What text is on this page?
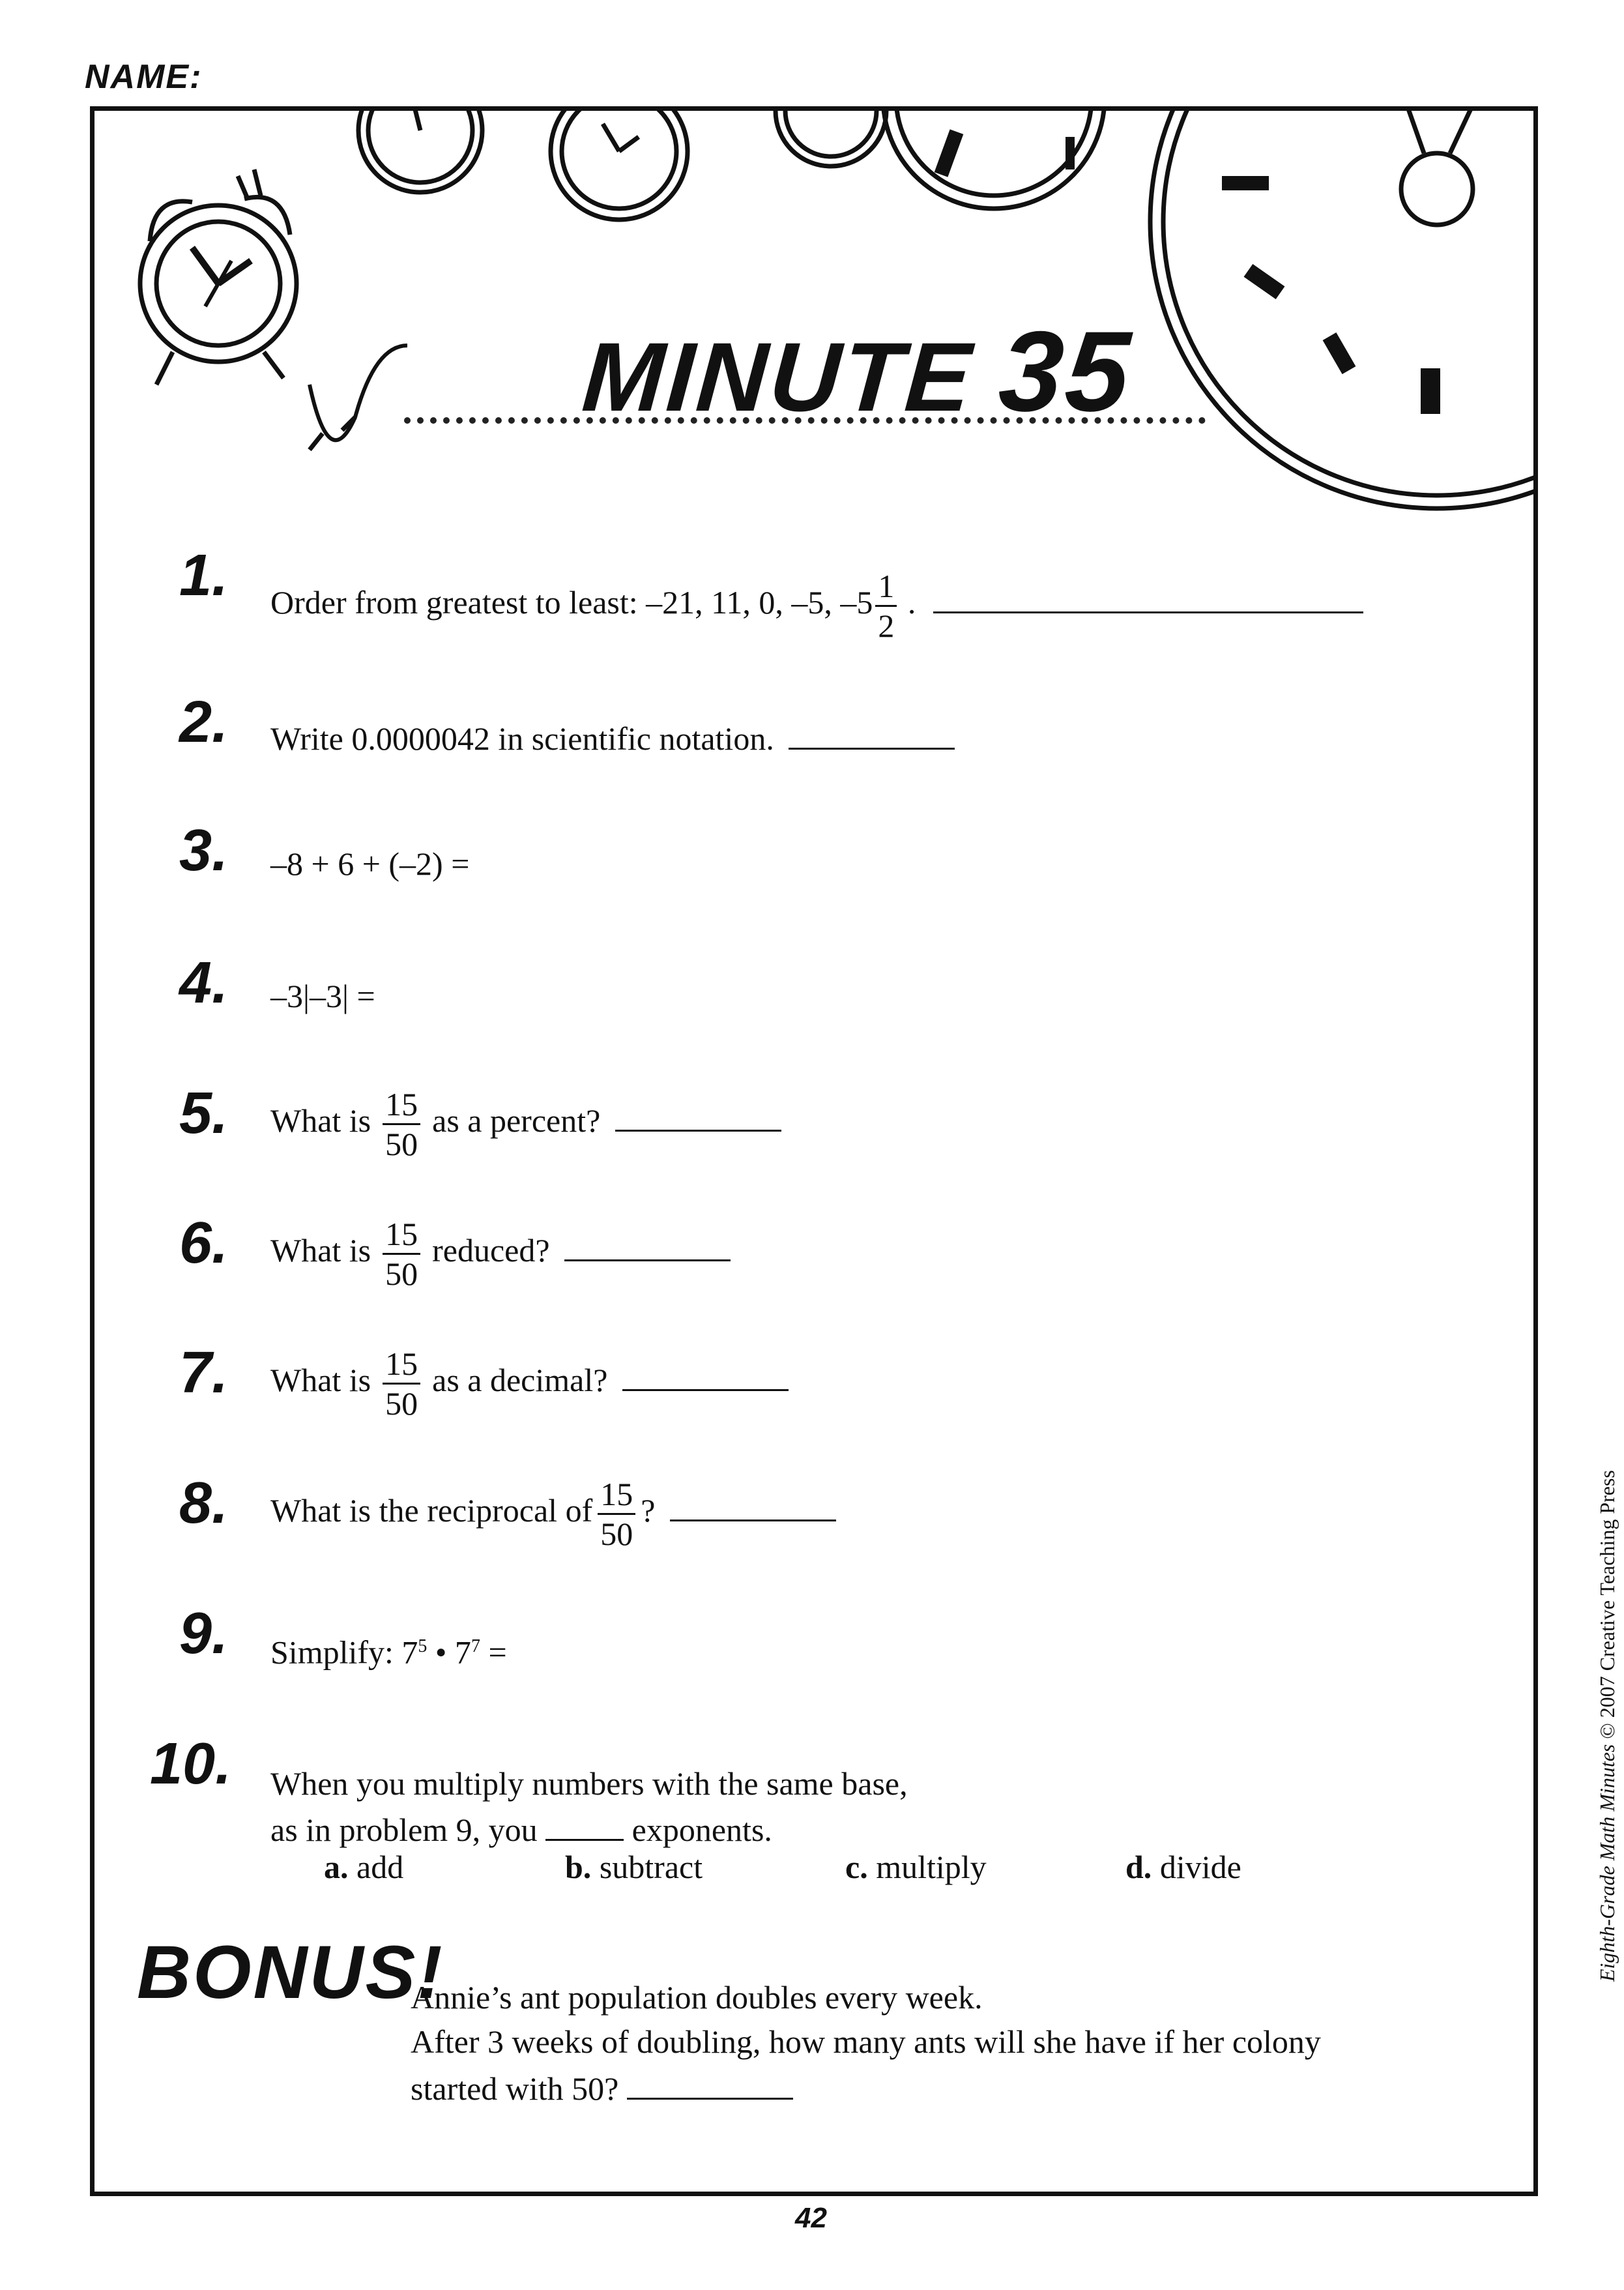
NAME:
MINUTE 35
1. Order from greatest to least: –21, 11, 0, –5, $-5 \frac{1}{2}$ .
2. Write 0.0000042 in scientific notation.
3. –8 + 6 + (–2) =
4. –3|–3| =
5. What is $\frac{15}{50}$ as a percent?
6. What is $\frac{15}{50}$ reduced?
7. What is $\frac{15}{50}$ as a decimal?
8. What is the reciprocal of $\frac{15}{50}$ ?
9. Simplify: $7^5$ • $7^7$ =
10. When you multiply numbers with the same base,
as in problem 9, you	exponents.
a. add	b. subtract	c. multiply	d. divide
BONUS!
Annie’s ant population doubles every week.
After 3 weeks of doubling, how many ants will she have if her colony
started with 50?
42
Eighth-Grade Math Minutes © 2007 Creative Teaching Press
